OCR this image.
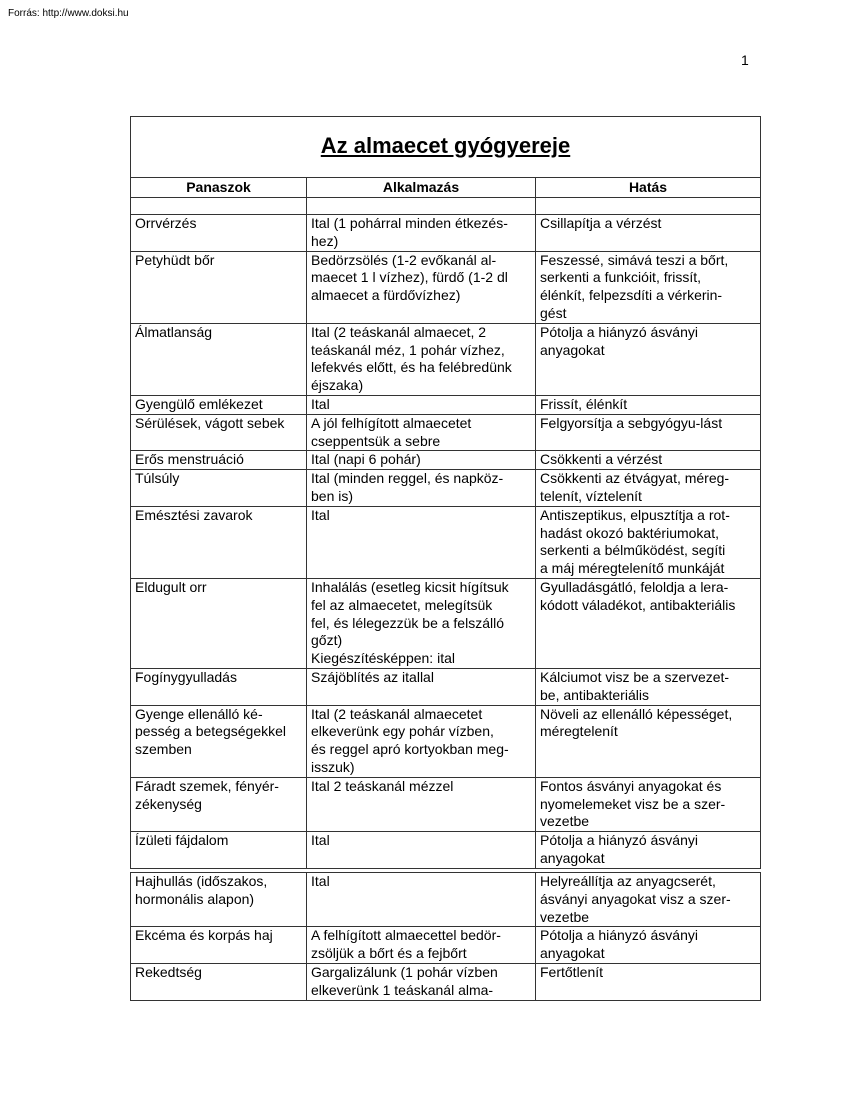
Forrás: http://www.doksi.hu
1
Az almaecet gyógyereje		
Panaszok	Alkalmazás	Hatás

Orrvérzés	Ital (1 pohárral minden étkezés-
hez)	Csillapítja a vérzést

Petyhüdt bőr	Bedörzsölés (1-2 evőkanál al-
maecet 1 l vízhez), fürdő (1-2 dl
almaecet a fürdővízhez)	Feszessé, simává teszi a bőrt,
serkenti a funkcióit, frissít,
élénkít, felpezsdíti a vérkerin-
gést

Álmatlanság	Ital (2 teáskanál almaecet, 2
teáskanál méz, 1 pohár vízhez,
lefekvés előtt, és ha felébredünk
éjszaka)	Pótolja a hiányzó ásványi
anyagokat

Gyengülő emlékezet	Ital	Frissít, élénkít

Sérülések, vágott sebek	A jól felhígított almaecetet
cseppentsük a sebre	Felgyorsítja a sebgyógyu-lást

Erős menstruáció	Ital (napi 6 pohár)	Csökkenti a vérzést

Túlsúly	Ital (minden reggel, és napköz-
ben is)	Csökkenti az étvágyat, méreg-
telenít, víztelenít

Emésztési zavarok	Ital	Antiszeptikus, elpusztítja a rot-
hadást okozó baktériumokat,
serkenti a bélműködést, segíti
a máj méregtelenítő munkáját

Eldugult orr	Inhalálás (esetleg kicsit hígítsuk
fel az almaecetet, melegítsük
fel, és lélegezzük be a felszálló
gőzt)
Kiegészítésképpen: ital	Gyulladásgátló, feloldja a lera-
kódott váladékot, antibakteriális

Fogínygyulladás	Szájöblítés az itallal	Kálciumot visz be a szervezet-
be, antibakteriális

Gyenge ellenálló ké-
pesség a betegségekkel
szemben	Ital (2 teáskanál almaecetet
elkeverünk egy pohár vízben,
és reggel apró kortyokban meg-
isszuk)	Növeli az ellenálló képességet,
méregtelenít

Fáradt szemek, fényér-
zékenység	Ital 2 teáskanál mézzel	Fontos ásványi anyagokat és
nyomelemeket visz be a szer-
vezetbe

Ízületi fájdalom	Ital	Pótolja a hiányzó ásványi
anyagokat
Hajhullás (időszakos,
hormonális alapon)	Ital	Helyreállítja az anyagcserét,
ásványi anyagokat visz a szer-
vezetbe

Ekcéma és korpás haj	A felhígított almaecettel bedör-
zsöljük a bőrt és a fejbőrt	Pótolja a hiányzó ásványi
anyagokat

Rekedtség	Gargalizálunk (1 pohár vízben
elkeverünk 1 teáskanál alma-	Fertőtlenít
